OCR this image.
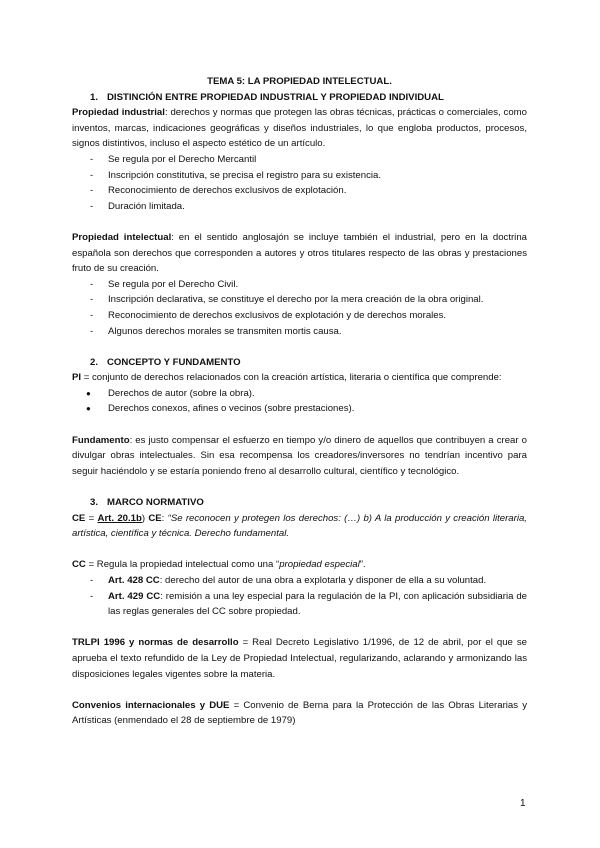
TEMA 5: LA PROPIEDAD INTELECTUAL.

1. DISTINCIÓN ENTRE PROPIEDAD INDUSTRIAL Y PROPIEDAD INDIVIDUAL

Propiedad industrial: derechos y normas que protegen las obras técnicas, prácticas o comerciales, como inventos, marcas, indicaciones geográficas y diseños industriales, lo que engloba productos, procesos, signos distintivos, incluso el aspecto estético de un artículo.

- Se regula por el Derecho Mercantil
- Inscripción constitutiva, se precisa el registro para su existencia.
- Reconocimiento de derechos exclusivos de explotación.
- Duración limitada.

Propiedad intelectual: en el sentido anglosajón se incluye también el industrial, pero en la doctrina española son derechos que corresponden a autores y otros titulares respecto de las obras y prestaciones fruto de su creación.

- Se regula por el Derecho Civil.
- Inscripción declarativa, se constituye el derecho por la mera creación de la obra original.
- Reconocimiento de derechos exclusivos de explotación y de derechos morales.
- Algunos derechos morales se transmiten mortis causa.

2. CONCEPTO Y FUNDAMENTO

PI = conjunto de derechos relacionados con la creación artística, literaria o científica que comprende:

● Derechos de autor (sobre la obra).
● Derechos conexos, afines o vecinos (sobre prestaciones).

Fundamento: es justo compensar el esfuerzo en tiempo y/o dinero de aquellos que contribuyen a crear o divulgar obras intelectuales. Sin esa recompensa los creadores/inversores no tendrían incentivo para seguir haciéndolo y se estaría poniendo freno al desarrollo cultural, científico y tecnológico.

3. MARCO NORMATIVO

CE = Art. 20.1b) CE: “Se reconocen y protegen los derechos: (…) b) A la producción y creación literaria, artística, científica y técnica. Derecho fundamental.

CC = Regula la propiedad intelectual como una “propiedad especial”.

- Art. 428 CC: derecho del autor de una obra a explotarla y disponer de ella a su voluntad.
- Art. 429 CC: remisión a una ley especial para la regulación de la PI, con aplicación subsidiaria de las reglas generales del CC sobre propiedad.

TRLPI 1996 y normas de desarrollo = Real Decreto Legislativo 1/1996, de 12 de abril, por el que se aprueba el texto refundido de la Ley de Propiedad Intelectual, regularizando, aclarando y armonizando las disposiciones legales vigentes sobre la materia.

Convenios internacionales y DUE = Convenio de Berna para la Protección de las Obras Literarias y Artísticas (enmendado el 28 de septiembre de 1979)

1
